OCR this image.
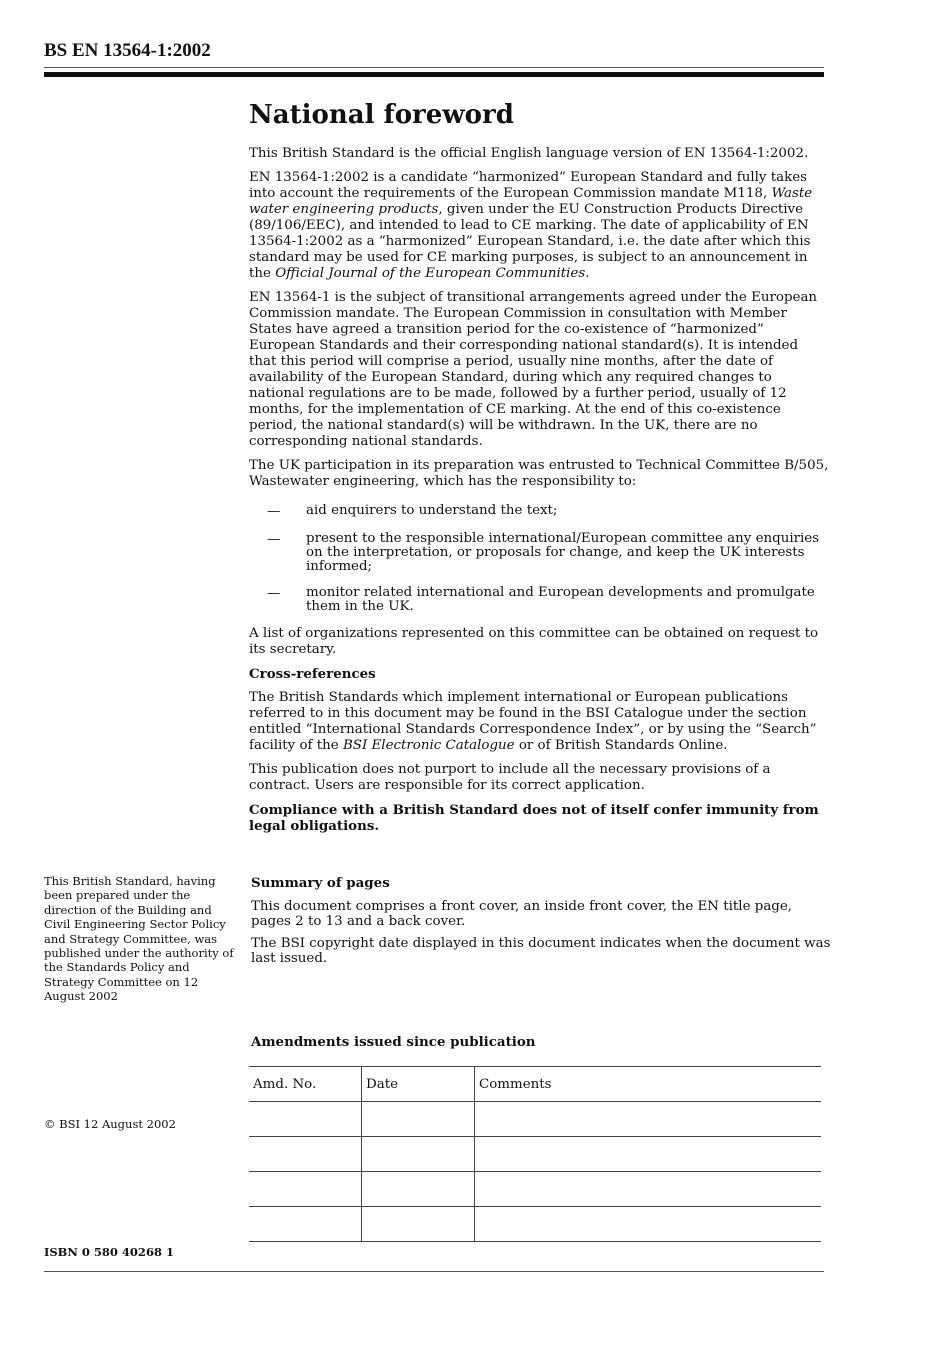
BS EN 13564-1:2002
National foreword
This British Standard is the official English language version of EN 13564-1:2002.
EN 13564-1:2002 is a candidate “harmonized” European Standard and fully takes into account the requirements of the European Commission mandate M118, Waste water engineering products, given under the EU Construction Products Directive (89/106/EEC), and intended to lead to CE marking. The date of applicability of EN 13564-1:2002 as a “harmonized” European Standard, i.e. the date after which this standard may be used for CE marking purposes, is subject to an announcement in the Official Journal of the European Communities.
EN 13564-1 is the subject of transitional arrangements agreed under the European Commission mandate. The European Commission in consultation with Member States have agreed a transition period for the co-existence of “harmonized” European Standards and their corresponding national standard(s). It is intended that this period will comprise a period, usually nine months, after the date of availability of the European Standard, during which any required changes to national regulations are to be made, followed by a further period, usually of 12 months, for the implementation of CE marking. At the end of this co-existence period, the national standard(s) will be withdrawn. In the UK, there are no corresponding national standards.
The UK participation in its preparation was entrusted to Technical Committee B/505, Wastewater engineering, which has the responsibility to:
—	aid enquirers to understand the text;
—	present to the responsible international/European committee any enquiries on the interpretation, or proposals for change, and keep the UK interests informed;
—	monitor related international and European developments and promulgate them in the UK.
A list of organizations represented on this committee can be obtained on request to its secretary.
Cross-references
The British Standards which implement international or European publications referred to in this document may be found in the BSI Catalogue under the section entitled “International Standards Correspondence Index”, or by using the “Search” facility of the BSI Electronic Catalogue or of British Standards Online.
This publication does not purport to include all the necessary provisions of a contract. Users are responsible for its correct application.
Compliance with a British Standard does not of itself confer immunity from legal obligations.
This British Standard, having been prepared under the direction of the Building and Civil Engineering Sector Policy and Strategy Committee, was published under the authority of the Standards Policy and Strategy Committee on 12 August 2002
Summary of pages
This document comprises a front cover, an inside front cover, the EN title page, pages 2 to 13 and a back cover.
The BSI copyright date displayed in this document indicates when the document was last issued.
Amendments issued since publication
Amd. No.	Date	Comments

© BSI 12 August 2002
ISBN 0 580 40268 1
